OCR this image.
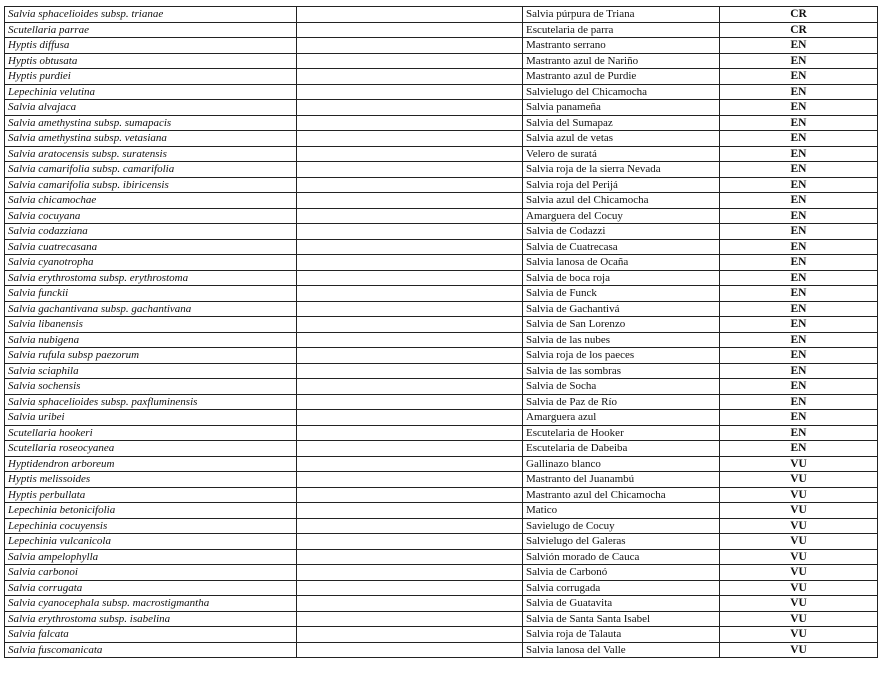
Salvia sphacelioides subsp. trianae		Salvia púrpura de Triana	CR
Scutellaria parrae		Escutelaria de parra	CR
Hyptis diffusa		Mastranto serrano	EN
Hyptis obtusata		Mastranto azul de Nariño	EN
Hyptis purdiei		Mastranto azul de Purdie	EN
Lepechinia velutina		Salvielugo del Chicamocha	EN
Salvia alvajaca		Salvia panameña	EN
Salvia amethystina subsp. sumapacis		Salvia del Sumapaz	EN
Salvia amethystina subsp. vetasiana		Salvia azul de vetas	EN
Salvia aratocensis subsp. suratensis		Velero de suratá	EN
Salvia camarifolia subsp. camarifolia		Salvia roja de la sierra Nevada	EN
Salvia camarifolia subsp. ibiricensis		Salvia roja del Perijá	EN
Salvia chicamochae		Salvia azul del Chicamocha	EN
Salvia cocuyana		Amarguera del Cocuy	EN
Salvia codazziana		Salvia de Codazzi	EN
Salvia cuatrecasana		Salvia de Cuatrecasa	EN
Salvia cyanotropha		Salvia lanosa de Ocaña	EN
Salvia erythrostoma subsp. erythrostoma		Salvia de boca roja	EN
Salvia funckii		Salvia de Funck	EN
Salvia gachantivana subsp. gachantivana		Salvia de Gachantivá	EN
Salvia libanensis		Salvia de San Lorenzo	EN
Salvia nubigena		Salvia de las nubes	EN
Salvia rufula subsp paezorum		Salvia roja de los paeces	EN
Salvia sciaphila		Salvia de las sombras	EN
Salvia sochensis		Salvia de Socha	EN
Salvia sphacelioides subsp. paxfluminensis		Salvia de Paz de Río	EN
Salvia uribei		Amarguera azul	EN
Scutellaria hookeri		Escutelaria de Hooker	EN
Scutellaria roseocyanea		Escutelaria de Dabeiba	EN
Hyptidendron arboreum		Gallinazo blanco	VU
Hyptis melissoides		Mastranto del Juanambú	VU
Hyptis perbullata		Mastranto azul del Chicamocha	VU
Lepechinia betonicifolia		Matico	VU
Lepechinia cocuyensis		Savielugo de Cocuy	VU
Lepechinia vulcanicola		Salvielugo del Galeras	VU
Salvia ampelophylla		Salvión morado de Cauca	VU
Salvia carbonoi		Salvia de Carbonó	VU
Salvia corrugata		Salvia corrugada	VU
Salvia cyanocephala subsp. macrostigmantha		Salvia de Guatavita	VU
Salvia erythrostoma subsp. isabelina		Salvia de Santa Santa Isabel	VU
Salvia falcata		Salvia roja de Talauta	VU
Salvia fuscomanicata		Salvia lanosa del Valle	VU
